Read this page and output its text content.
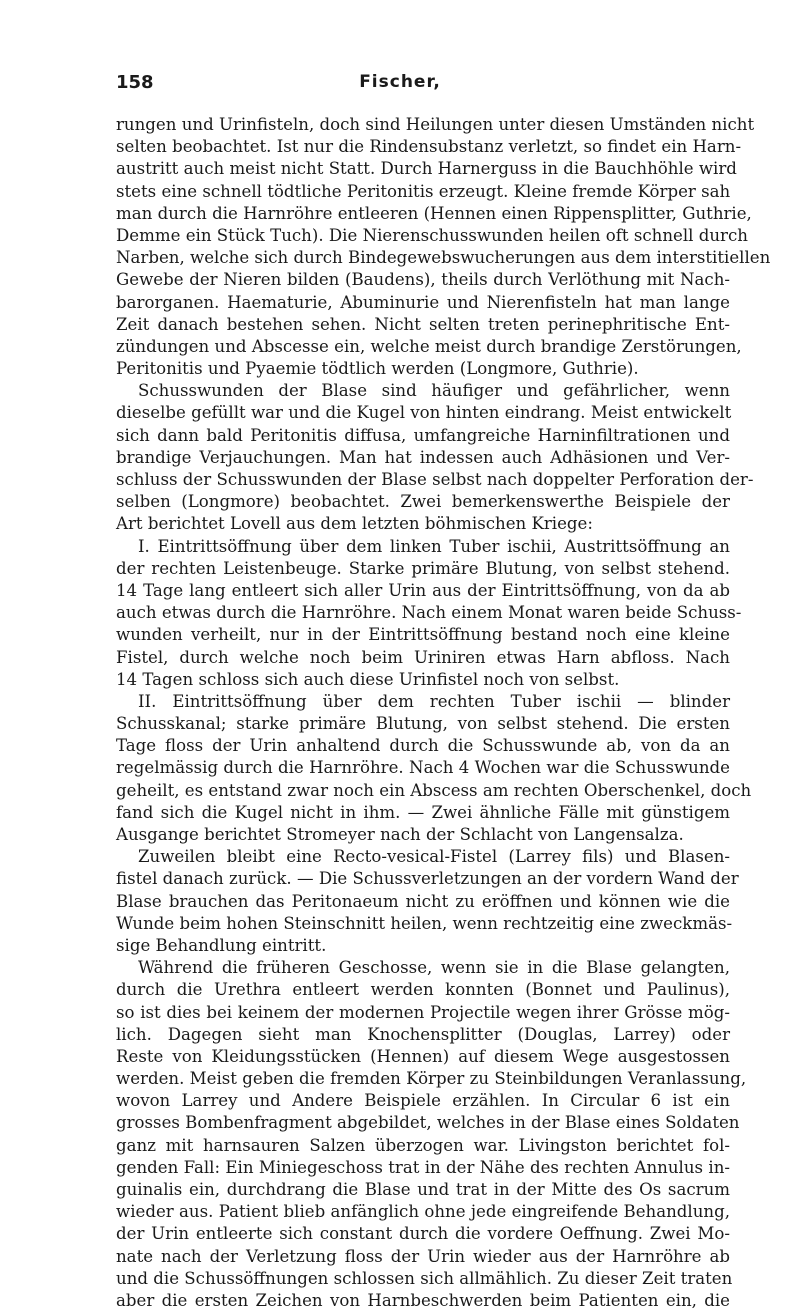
158	Fischer,
rungen und Urinfisteln, doch sind Heilungen unter diesen Umständen nicht
selten beobachtet. Ist nur die Rindensubstanz verletzt, so findet ein Harn-
austritt auch meist nicht Statt. Durch Harnerguss in die Bauchhöhle wird
stets eine schnell tödtliche Peritonitis erzeugt. Kleine fremde Körper sah
man durch die Harnröhre entleeren (Hennen einen Rippensplitter, Guthrie,
Demme ein Stück Tuch). Die Nierenschusswunden heilen oft schnell durch
Narben, welche sich durch Bindegewebswucherungen aus dem interstitiellen
Gewebe der Nieren bilden (Baudens), theils durch Verlöthung mit Nach-
barorganen. Haematurie, Abuminurie und Nierenfisteln hat man lange
Zeit danach bestehen sehen. Nicht selten treten perinephritische Ent-
zündungen und Abscesse ein, welche meist durch brandige Zerstörungen,
Peritonitis und Pyaemie tödtlich werden (Longmore, Guthrie).
Schusswunden der Blase sind häufiger und gefährlicher, wenn
dieselbe gefüllt war und die Kugel von hinten eindrang. Meist entwickelt
sich dann bald Peritonitis diffusa, umfangreiche Harninfiltrationen und
brandige Verjauchungen. Man hat indessen auch Adhäsionen und Ver-
schluss der Schusswunden der Blase selbst nach doppelter Perforation der-
selben (Longmore) beobachtet. Zwei bemerkenswerthe Beispiele der
Art berichtet Lovell aus dem letzten böhmischen Kriege:
I. Eintrittsöffnung über dem linken Tuber ischii, Austrittsöffnung an
der rechten Leistenbeuge. Starke primäre Blutung, von selbst stehend.
14 Tage lang entleert sich aller Urin aus der Eintrittsöffnung, von da ab
auch etwas durch die Harnröhre. Nach einem Monat waren beide Schuss-
wunden verheilt, nur in der Eintrittsöffnung bestand noch eine kleine
Fistel, durch welche noch beim Uriniren etwas Harn abfloss. Nach
14 Tagen schloss sich auch diese Urinfistel noch von selbst.
II. Eintrittsöffnung über dem rechten Tuber ischii — blinder
Schusskanal; starke primäre Blutung, von selbst stehend. Die ersten
Tage floss der Urin anhaltend durch die Schusswunde ab, von da an
regelmässig durch die Harnröhre. Nach 4 Wochen war die Schusswunde
geheilt, es entstand zwar noch ein Abscess am rechten Oberschenkel, doch
fand sich die Kugel nicht in ihm. — Zwei ähnliche Fälle mit günstigem
Ausgange berichtet Stromeyer nach der Schlacht von Langensalza.
Zuweilen bleibt eine Recto-vesical-Fistel (Larrey fils) und Blasen-
fistel danach zurück. — Die Schussverletzungen an der vordern Wand der
Blase brauchen das Peritonaeum nicht zu eröffnen und können wie die
Wunde beim hohen Steinschnitt heilen, wenn rechtzeitig eine zweckmäs-
sige Behandlung eintritt.
Während die früheren Geschosse, wenn sie in die Blase gelangten,
durch die Urethra entleert werden konnten (Bonnet und Paulinus),
so ist dies bei keinem der modernen Projectile wegen ihrer Grösse mög-
lich. Dagegen sieht man Knochensplitter (Douglas, Larrey) oder
Reste von Kleidungsstücken (Hennen) auf diesem Wege ausgestossen
werden. Meist geben die fremden Körper zu Steinbildungen Veranlassung,
wovon Larrey und Andere Beispiele erzählen. In Circular 6 ist ein
grosses Bombenfragment abgebildet, welches in der Blase eines Soldaten
ganz mit harnsauren Salzen überzogen war. Livingston berichtet fol-
genden Fall: Ein Miniegeschoss trat in der Nähe des rechten Annulus in-
guinalis ein, durchdrang die Blase und trat in der Mitte des Os sacrum
wieder aus. Patient blieb anfänglich ohne jede eingreifende Behandlung,
der Urin entleerte sich constant durch die vordere Oeffnung. Zwei Mo-
nate nach der Verletzung floss der Urin wieder aus der Harnröhre ab
und die Schussöffnungen schlossen sich allmählich. Zu dieser Zeit traten
aber die ersten Zeichen von Harnbeschwerden beim Patienten ein, die
